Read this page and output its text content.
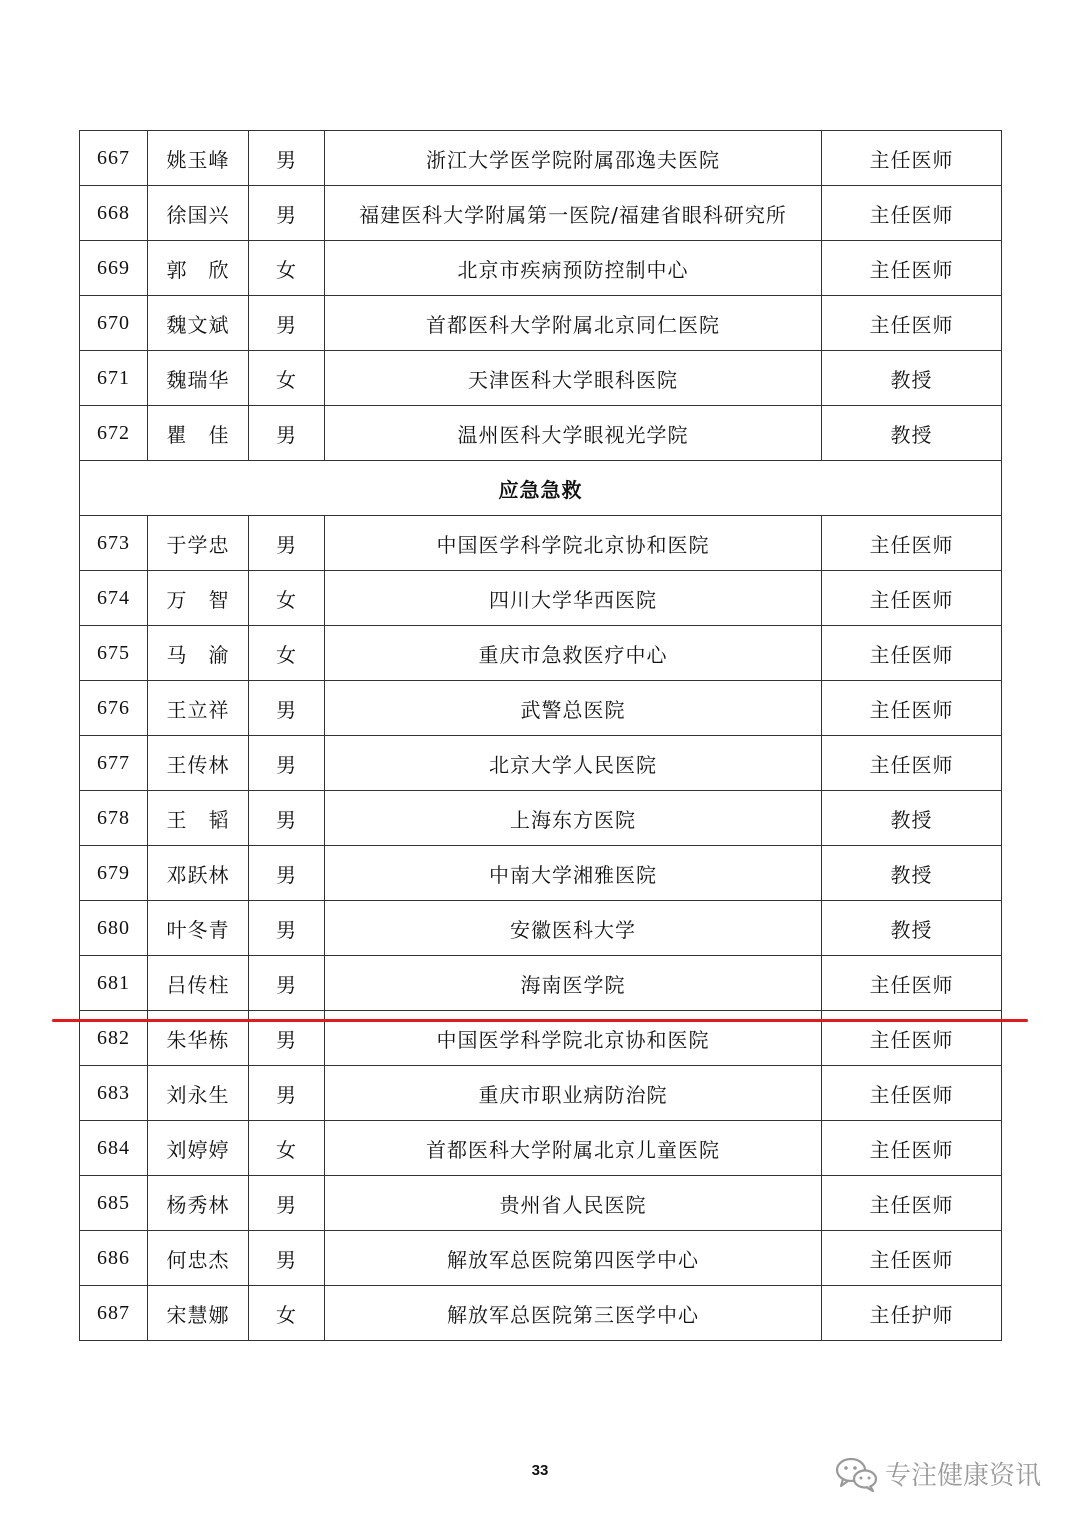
667	姚玉峰	男	浙江大学医学院附属邵逸夫医院	主任医师
668	徐国兴	男	福建医科大学附属第一医院/福建省眼科研究所	主任医师
669	郭　欣	女	北京市疾病预防控制中心	主任医师
670	魏文斌	男	首都医科大学附属北京同仁医院	主任医师
671	魏瑞华	女	天津医科大学眼科医院	教授
672	瞿　佳	男	温州医科大学眼视光学院	教授
应急急救				
673	于学忠	男	中国医学科学院北京协和医院	主任医师
674	万　智	女	四川大学华西医院	主任医师
675	马　渝	女	重庆市急救医疗中心	主任医师
676	王立祥	男	武警总医院	主任医师
677	王传林	男	北京大学人民医院	主任医师
678	王　韬	男	上海东方医院	教授
679	邓跃林	男	中南大学湘雅医院	教授
680	叶冬青	男	安徽医科大学	教授
681	吕传柱	男	海南医学院	主任医师
682	朱华栋	男	中国医学科学院北京协和医院	主任医师
683	刘永生	男	重庆市职业病防治院	主任医师
684	刘婷婷	女	首都医科大学附属北京儿童医院	主任医师
685	杨秀林	男	贵州省人民医院	主任医师
686	何忠杰	男	解放军总医院第四医学中心	主任医师
687	宋慧娜	女	解放军总医院第三医学中心	主任护师
33	专注健康资讯
